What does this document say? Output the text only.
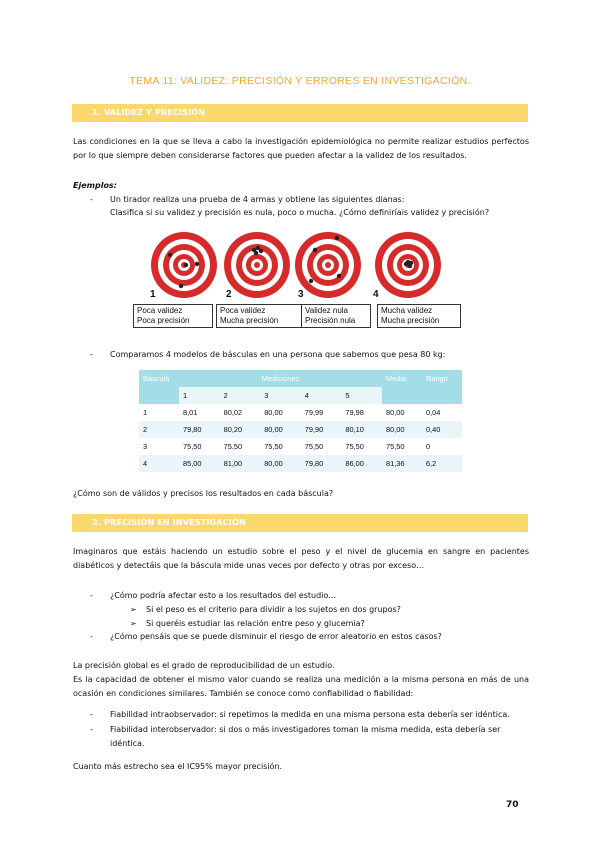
TEMA 11: VALIDEZ: PRECISIÓN Y ERRORES EN INVESTIGACIÓN.
1. VALIDEZ Y PRECISIÓN
Las condiciones en la que se lleva a cabo la investigación epidemiológica no permite realizar estudios perfectos por lo que siempre deben considerarse factores que pueden afectar a la validez de los resultados.
Ejemplos:
- Un tirador realiza una prueba de 4 armas y obtiene las siguientes dianas:
Clasifica si su validez y precisión es nula, poco o mucha. ¿Cómo definiríais validez y precisión?
1
Poca validez
Poca precisión
2
Poca validez
Mucha precisión
3
Validez nula
Precisión nula
4
Mucha validez
Mucha precisión
- Comparamos 4 modelos de básculas en una persona que sabemos que pesa 80 kg:
Báscula	Mediciones					Media	Rango
	1	2	3	4	5		
1	8,01	80,02	80,00	79,99	79,98	80,00	0,04
2	79,80	80,20	80,00	79,90	80,10	80,00	0,40
3	75,50	75,50	75,50	75,50	75,50	75,50	0
4	85,00	81,00	80,00	79,80	86,00	81,36	6,2
¿Cómo son de válidos y precisos los resultados en cada báscula?
2. PRECISIÓN EN INVESTIGACIÓN
Imaginaros que estáis haciendo un estudio sobre el peso y el nivel de glucemia en sangre en pacientes diabéticos y detectáis que la báscula mide unas veces por defecto y otras por exceso…
- ¿Cómo podría afectar esto a los resultados del estudio…
➢ Si el peso es el criterio para dividir a los sujetos en dos grupos?
➢ Si queréis estudiar las relación entre peso y glucemia?
- ¿Cómo pensáis que se puede disminuir el riesgo de error aleatorio en estos casos?
La precisión global es el grado de reproducibilidad de un estudio.
Es la capacidad de obtener el mismo valor cuando se realiza una medición a la misma persona en más de una ocasión en condiciones similares. También se conoce como confiabilidad o fiabilidad:
- Fiabilidad intraobservador: si repetimos la medida en una misma persona esta debería ser idéntica.
- Fiabilidad interobservador: si dos o más investigadores toman la misma medida, esta debería ser
idéntica.
Cuanto más estrecho sea el IC95% mayor precisión.
70
